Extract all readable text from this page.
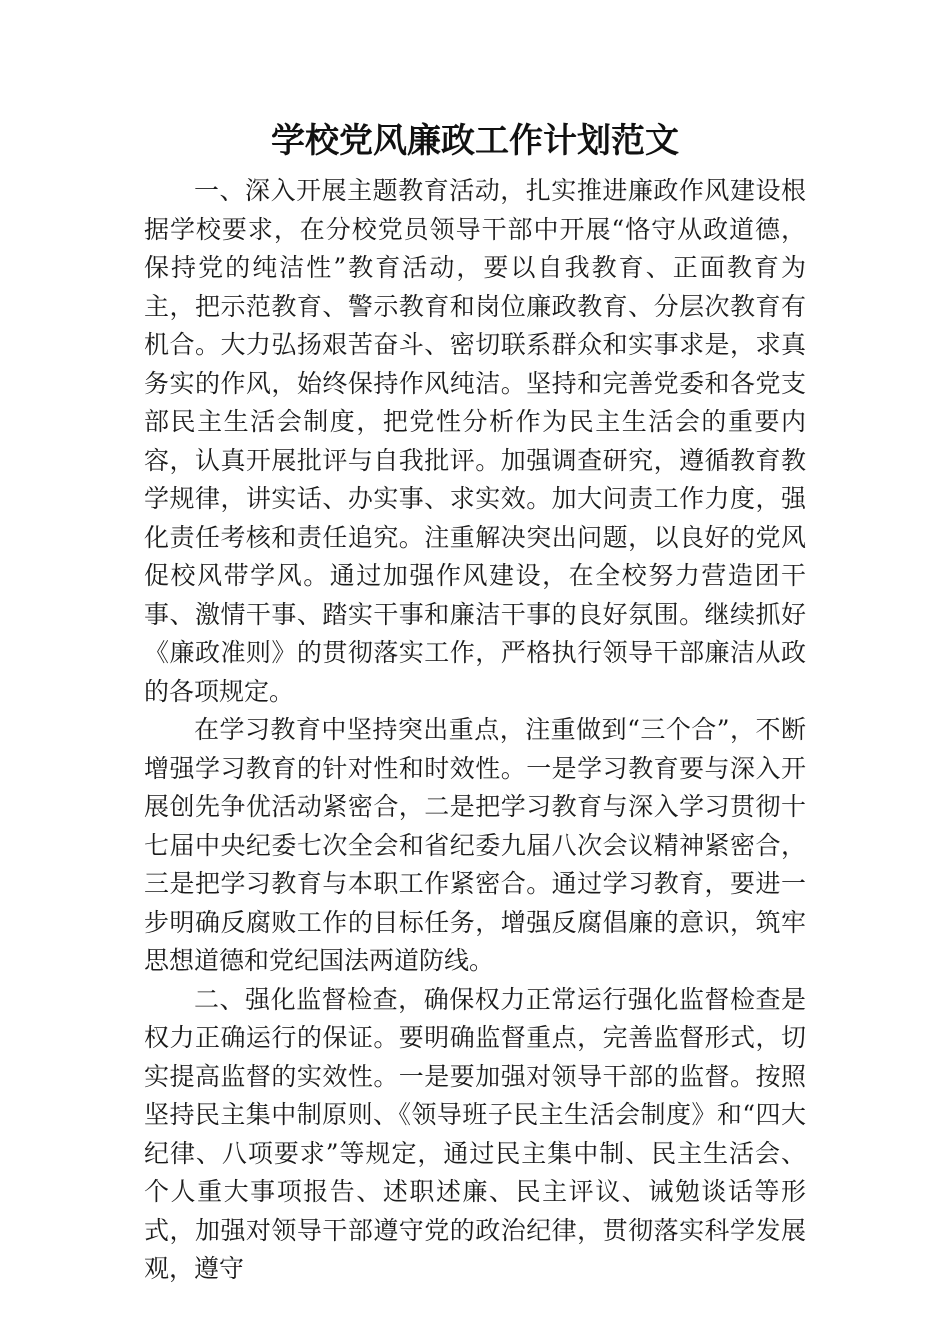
学校党风廉政工作计划范文

一、深入开展主题教育活动，扎实推进廉政作风建设根据学校要求，在分校党员领导干部中开展“恪守从政道德，保持党的纯洁性”教育活动，要以自我教育、正面教育为主，把示范教育、警示教育和岗位廉政教育、分层次教育有机合。大力弘扬艰苦奋斗、密切联系群众和实事求是，求真务实的作风，始终保持作风纯洁。坚持和完善党委和各党支部民主生活会制度，把党性分析作为民主生活会的重要内容，认真开展批评与自我批评。加强调查研究，遵循教育教学规律，讲实话、办实事、求实效。加大问责工作力度，强化责任考核和责任追究。注重解决突出问题，以良好的党风促校风带学风。通过加强作风建设，在全校努力营造团干事、激情干事、踏实干事和廉洁干事的良好氛围。继续抓好《廉政准则》的贯彻落实工作，严格执行领导干部廉洁从政的各项规定。

在学习教育中坚持突出重点，注重做到“三个合”，不断增强学习教育的针对性和时效性。一是学习教育要与深入开展创先争优活动紧密合，二是把学习教育与深入学习贯彻十七届中央纪委七次全会和省纪委九届八次会议精神紧密合，三是把学习教育与本职工作紧密合。通过学习教育，要进一步明确反腐败工作的目标任务，增强反腐倡廉的意识，筑牢思想道德和党纪国法两道防线。

二、强化监督检查，确保权力正常运行强化监督检查是权力正确运行的保证。要明确监督重点，完善监督形式，切实提高监督的实效性。一是要加强对领导干部的监督。按照坚持民主集中制原则、《领导班子民主生活会制度》和“四大纪律、八项要求”等规定，通过民主集中制、民主生活会、个人重大事项报告、述职述廉、民主评议、诫勉谈话等形式，加强对领导干部遵守党的政治纪律，贯彻落实科学发展观，遵守
